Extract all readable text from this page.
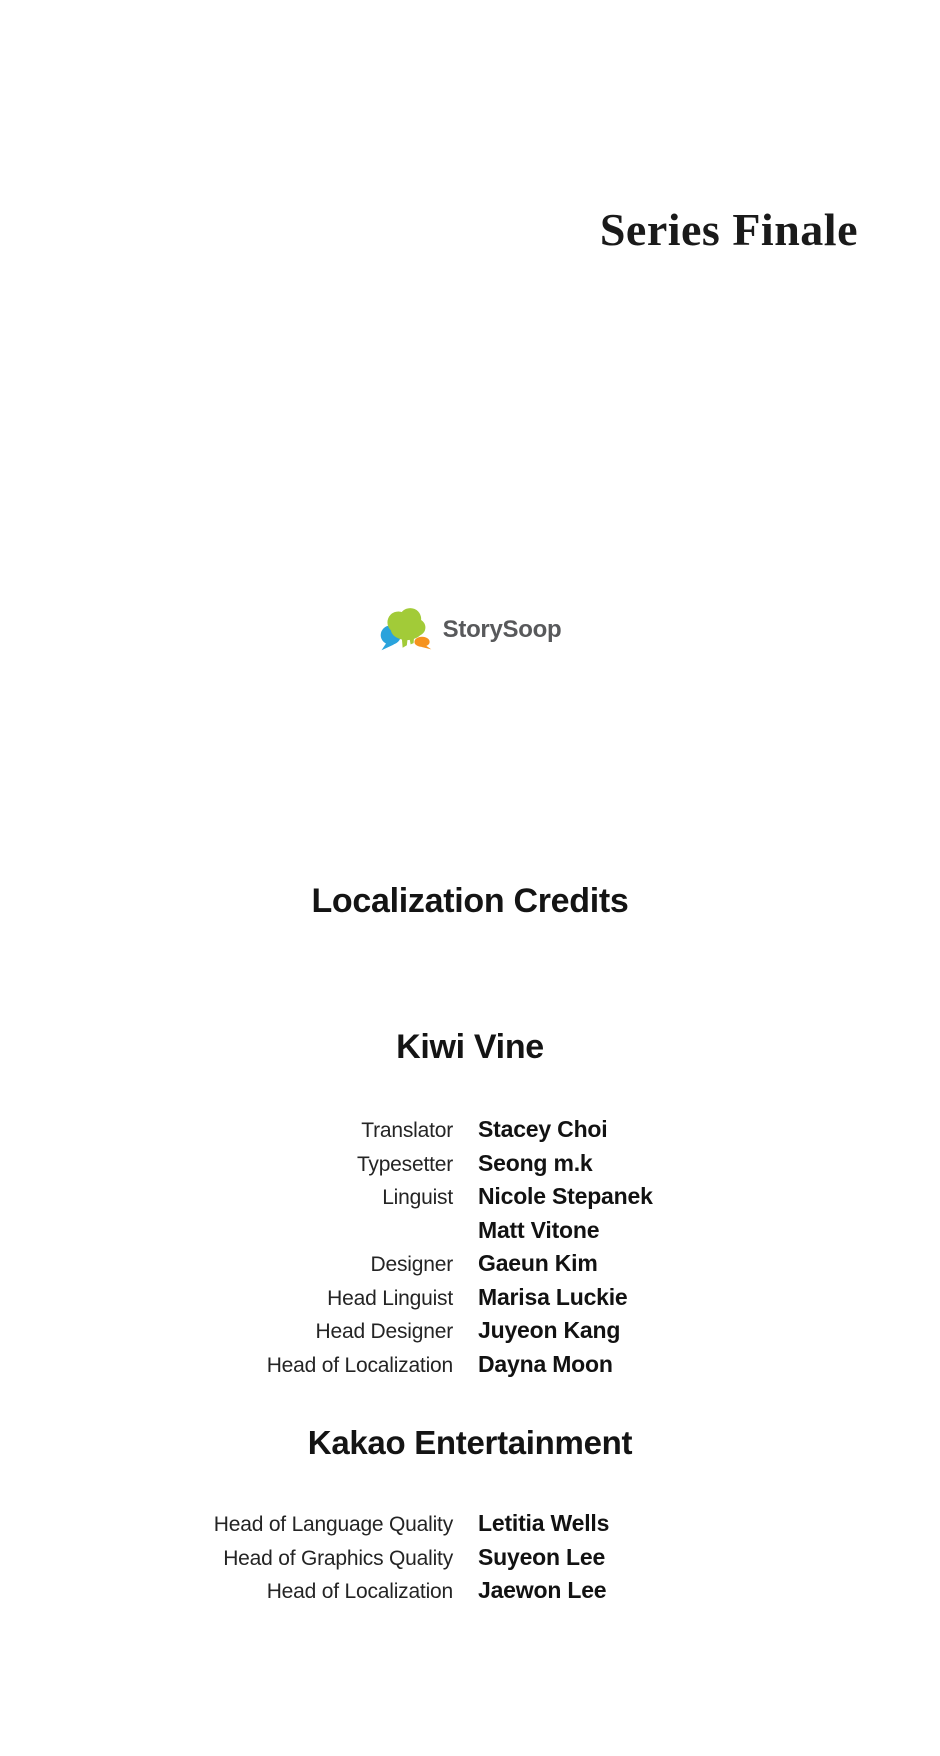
Series Finale
StorySoop
Localization Credits
Kiwi Vine
Translator Stacey Choi
Typesetter Seong m.k
Linguist Nicole Stepanek
Matt Vitone
Designer Gaeun Kim
Head Linguist Marisa Luckie
Head Designer Juyeon Kang
Head of Localization Dayna Moon
Kakao Entertainment
Head of Language Quality Letitia Wells
Head of Graphics Quality Suyeon Lee
Head of Localization Jaewon Lee
